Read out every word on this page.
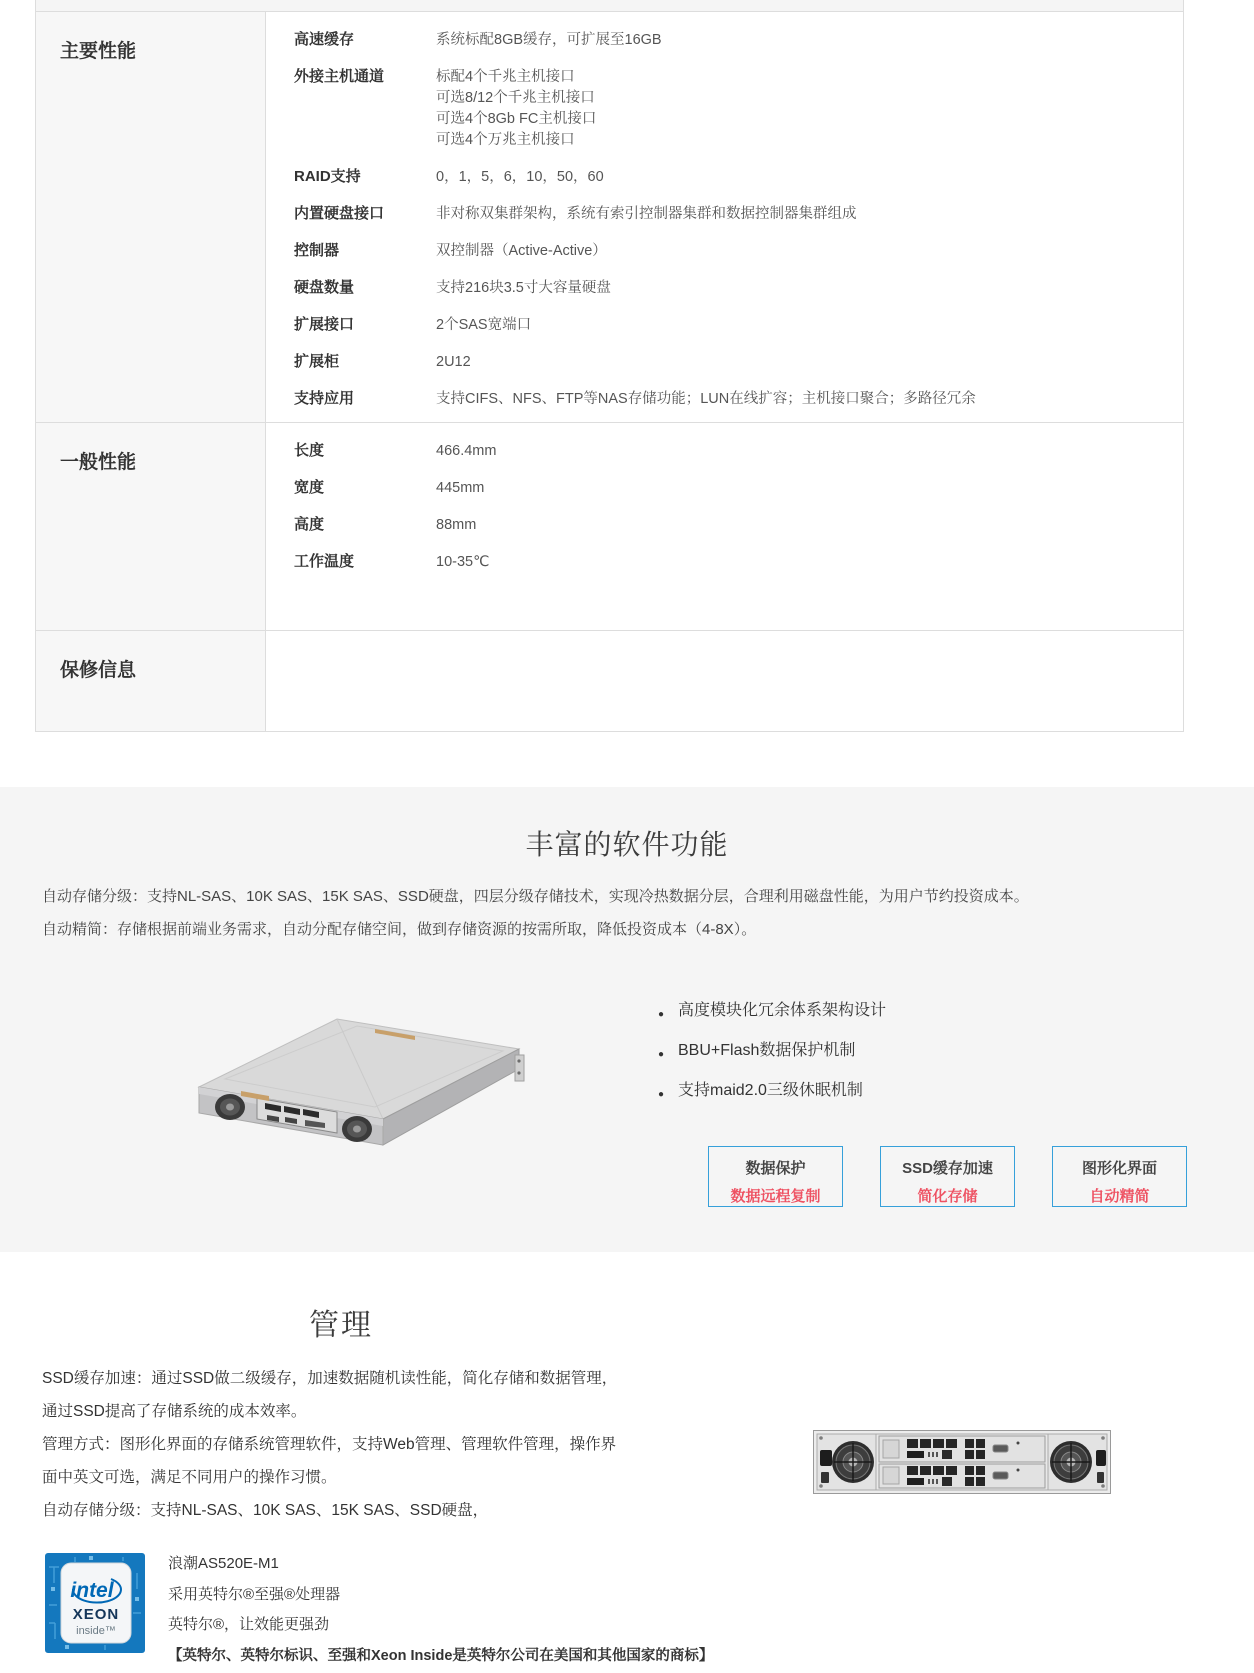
主要性能
高速缓存	系统标配8GB缓存，可扩展至16GB
外接主机通道	标配4个千兆主机接口
可选8/12个千兆主机接口
可选4个8Gb FC主机接口
可选4个万兆主机接口
RAID支持	0，1，5，6，10，50，60
内置硬盘接口	非对称双集群架构，系统有索引控制器集群和数据控制器集群组成
控制器	双控制器（Active-Active）
硬盘数量	支持216块3.5寸大容量硬盘
扩展接口	2个SAS宽端口
扩展柜	2U12
支持应用	支持CIFS、NFS、FTP等NAS存储功能；LUN在线扩容；主机接口聚合；多路径冗余
一般性能
长度	466.4mm
宽度	445mm
高度	88mm
工作温度	10-35℃
保修信息
丰富的软件功能

自动存储分级：支持NL-SAS、10K SAS、15K SAS、SSD硬盘，四层分级存储技术，实现冷热数据分层，合理利用磁盘性能，为用户节约投资成本。

自动精简：存储根据前端业务需求，自动分配存储空间，做到存储资源的按需所取，降低投资成本（4-8X）。

● 高度模块化冗余体系架构设计
● BBU+Flash数据保护机制
● 支持maid2.0三级休眠机制
数据保护
数据远程复制
SSD缓存加速
简化存储
图形化界面
自动精简
管理
SSD缓存加速：通过SSD做二级缓存，加速数据随机读性能，简化存储和数据管理，
通过SSD提高了存储系统的成本效率。
管理方式：图形化界面的存储系统管理软件，支持Web管理、管理软件管理，操作界
面中英文可选，满足不同用户的操作习惯。
自动存储分级：支持NL-SAS、10K SAS、15K SAS、SSD硬盘，
intel
XEON
inside™
浪潮AS520E-M1
采用英特尔®至强®处理器
英特尔®，让效能更强劲
【英特尔、英特尔标识、至强和Xeon Inside是英特尔公司在美国和其他国家的商标】
